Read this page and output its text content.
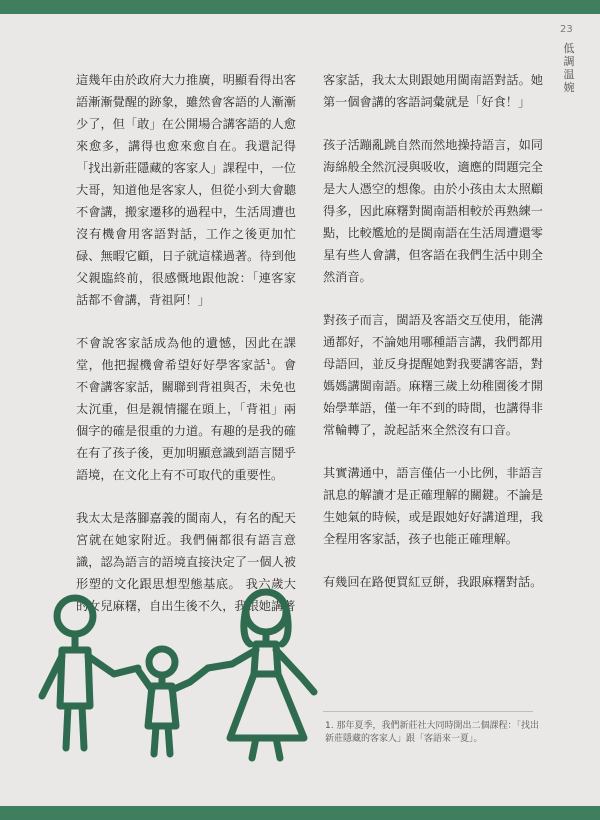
23
低調温婉

這幾年由於政府大力推廣，明顯看得出客語漸漸覺醒的跡象，雖然會客語的人漸漸少了，但「敢」在公開場合講客語的人愈來愈多，講得也愈來愈自在。我還記得「找出新莊隱藏的客家人」課程中，一位大哥，知道他是客家人，但從小到大會聽不會講，搬家遷移的過程中，生活周遭也沒有機會用客語對話，工作之後更加忙碌、無暇它顧，日子就這樣過著。待到他父親臨終前，很感慨地跟他說：「連客家話都不會講，背祖阿！」

不會說客家話成為他的遺憾，因此在課堂，他把握機會希望好好學客家話$^1$。會不會講客家話，關聯到背祖與否，未免也太沉重，但是親情擺在頭上，「背祖」兩個字的確是很重的力道。有趣的是我的確在有了孩子後，更加明顯意識到語言鬩乎語境，在文化上有不可取代的重要性。

我太太是落腳嘉義的閩南人，有名的配天宮就在她家附近。我們倆都很有語言意識，認為語言的語境直接決定了一個人被形塑的文化跟思想型態基底。 我六歲大的女兒麻糬，自出生後不久，我跟她講著

客家話，我太太則跟她用閩南語對話。她第一個會講的客語詞彙就是「好食！」

孩子活蹦亂跳自然而然地操持語言，如同海綿般全然沉浸與吸收，適應的問題完全是大人憑空的想像。由於小孩由太太照顧得多，因此麻糬對閩南語相較於再熟練一點，比較尷尬的是閩南語在生活周遭還零星有些人會講，但客語在我們生活中則全然消音。

對孩子而言，閩語及客語交互使用，能溝通都好，不論她用哪種語言講，我們都用母語回，並反身提醒她對我要講客語，對媽媽講閩南語。麻糬三歲上幼稚園後才開始學華語，僅一年不到的時間，也講得非常輪轉了，說起話來全然沒有口音。

其實溝通中，語言僅佔一小比例，非語言訊息的解讀才是正確理解的關鍵。不論是生她氣的時候，或是跟她好好講道理，我全程用客家話，孩子也能正確理解。

有幾回在路便買紅豆餅，我跟麻糬對話。

1. 那年夏季，我們新莊社大同時開出二個課程：「找出新莊隱藏的客家人」跟「客語來一夏」。
